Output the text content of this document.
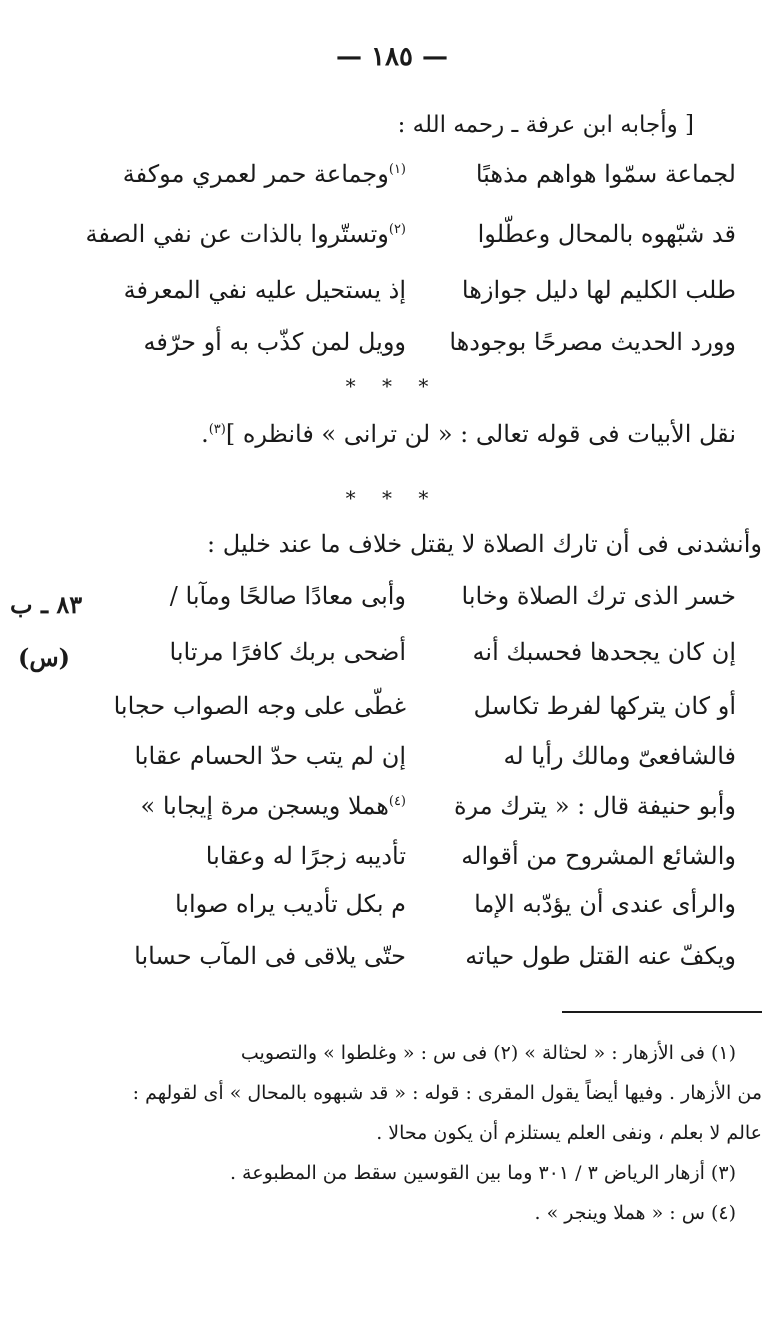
— ١٨٥ —
[ وأجابه ابن عرفة ـ رحمه الله :
لجماعة سمّوا هواهم مذهبًا
$^{(١)}$وجماعة حمر لعمري موكفة
قد شبّهوه بالمحال وعطّلوا
$^{(٢)}$وتستّروا بالذات عن نفي الصفة
طلب الكليم لها دليل جوازها
إذ يستحيل عليه نفي المعرفة
وورد الحديث مصرحًا بوجودها
وويل لمن كذّب به أو حرّفه
* * *
نقل الأبيات فى قوله تعالى : « لن ترانى » فانظره ]$^{(٣)}$.
* * *
وأنشدنى فى أن تارك الصلاة لا يقتل خلاف ما عند خليل :
٨٣ ـ ب
(س)
خسر الذى ترك الصلاة وخابا
وأبى معادًا صالحًا ومآبا /
إن كان يجحدها فحسبك أنه
أضحى بربك كافرًا مرتابا
أو كان يتركها لفرط تكاسل
غطّى على وجه الصواب حجابا
فالشافعىّ ومالك رأيا له
إن لم يتب حدّ الحسام عقابا
وأبو حنيفة قال : « يترك مرة
$^{(٤)}$هملا ويسجن مرة إيجابا »
والشائع المشروح من أقواله
تأديبه زجرًا له وعقابا
والرأى عندى أن يؤدّبه الإما
م بكل تأديب يراه صوابا
ويكفّ عنه القتل طول حياته
حتّى يلاقى فى المآب حسابا
(١) فى الأزهار : « لحثالة » (٢) فى س : « وغلطوا » والتصويب
من الأزهار . وفيها أيضاً يقول المقرى : قوله : « قد شبهوه بالمحال » أى لقولهم :
عالم لا بعلم ، ونفى العلم يستلزم أن يكون محالا .
(٣) أزهار الرياض ٣ / ٣٠١ وما بين القوسين سقط من المطبوعة .
(٤) س : « هملا وينجر » .
